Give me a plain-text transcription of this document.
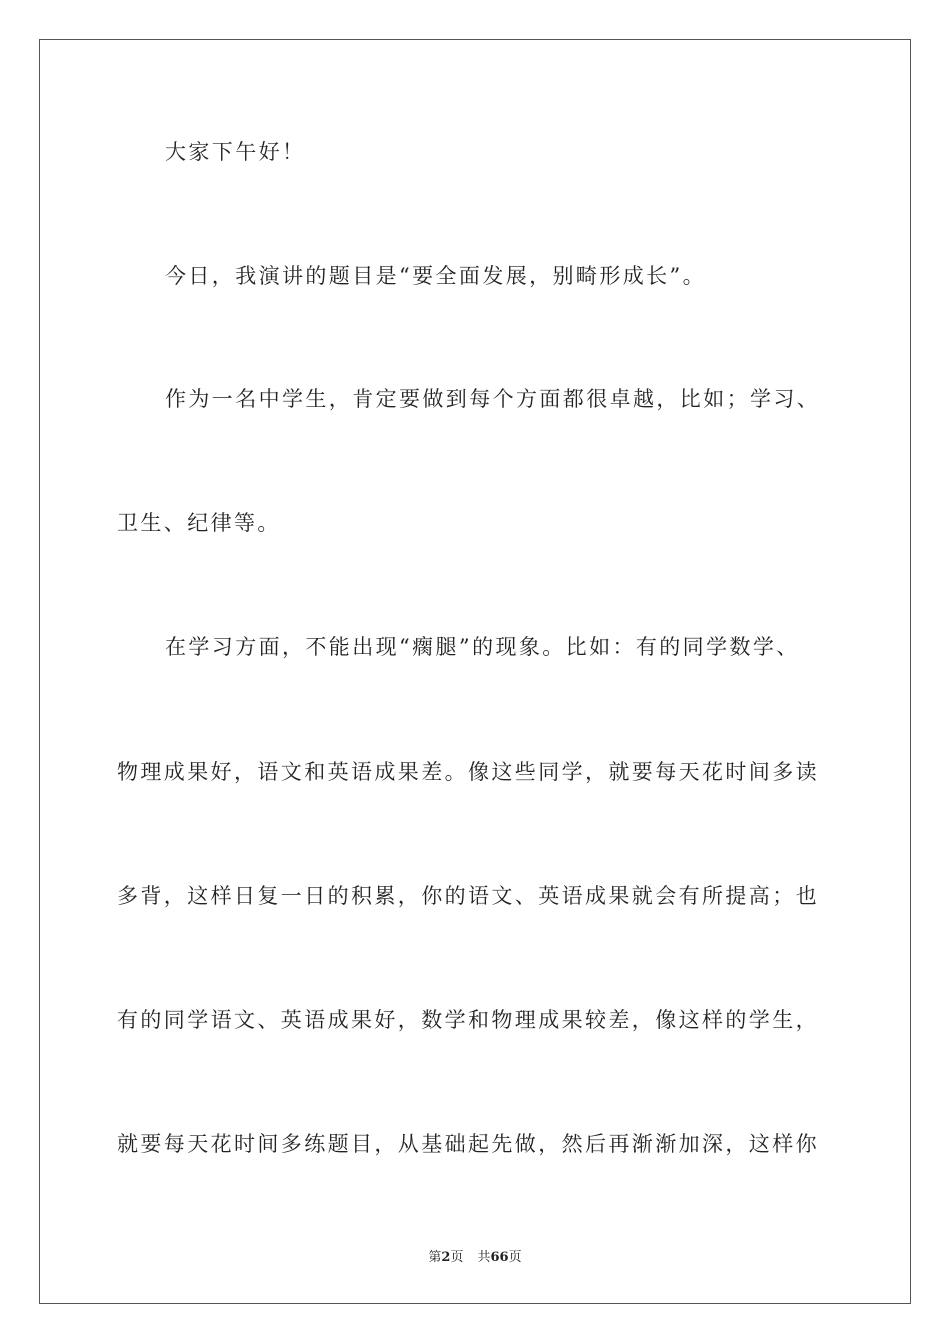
大家下午好！
今日，我演讲的题目是“要全面发展，别畸形成长”。
作为一名中学生，肯定要做到每个方面都很卓越，比如；学习、
卫生、纪律等。
在学习方面，不能出现“瘸腿”的现象。比如：有的同学数学、
物理成果好，语文和英语成果差。像这些同学，就要每天花时间多读
多背，这样日复一日的积累，你的语文、英语成果就会有所提高；也
有的同学语文、英语成果好，数学和物理成果较差，像这样的学生，
就要每天花时间多练题目，从基础起先做，然后再渐渐加深，这样你
第2页 共66页
